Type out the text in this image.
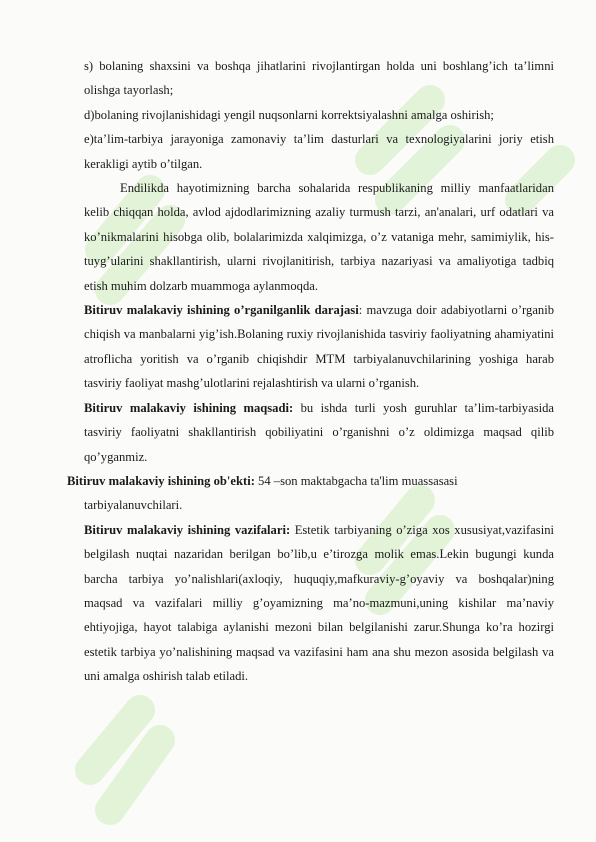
s) bolaning shaxsini va boshqa jihatlarini rivojlantirgan holda uni boshlang’ich ta’limni olishga tayorlash;

d)bolaning rivojlanishidagi yengil nuqsonlarni korrektsiyalashni amalga oshirish;

e)ta’lim-tarbiya jarayoniga zamonaviy ta’lim dasturlari va texnologiyalarini joriy etish kerakligi aytib o’tilgan.

Endilikda hayotimizning barcha sohalarida respublikaning milliy manfaatlaridan kelib chiqqan holda, avlod ajdodlarimizning azaliy turmush tarzi, an'analari, urf odatlari va ko’nikmalarini hisobga olib, bolalarimizda xalqimizga, o’z vataniga mehr, samimiylik, his-tuyg’ularini shakllantirish, ularni rivojlanitirish, tarbiya nazariyasi va amaliyotiga tadbiq etish muhim dolzarb muammoga aylanmoqda.

Bitiruv malakaviy ishining o’rganilganlik darajasi: mavzuga doir adabiyotlarni o’rganib chiqish va manbalarni yig’ish.Bolaning ruxiy rivojlanishida tasviriy faoliyatning ahamiyatini atroflicha yoritish va o’rganib chiqishdir MTM tarbiyalanuvchilarining yoshiga harab tasviriy faoliyat mashg’ulotlarini rejalashtirish va ularni o’rganish.

Bitiruv malakaviy ishining maqsadi: bu ishda turli yosh guruhlar ta’lim-tarbiyasida tasviriy faoliyatni shakllantirish qobiliyatini o’rganishni o’z oldimizga maqsad qilib qo’yganmiz.

Bitiruv malakaviy ishining ob'ekti: 54 –son maktabgacha ta'lim muassasasi

tarbiyalanuvchilari.

Bitiruv malakaviy ishining vazifalari: Estetik tarbiyaning o’ziga xos xususiyat,vazifasini belgilash nuqtai nazaridan berilgan bo’lib,u e’tirozga molik emas.Lekin bugungi kunda barcha tarbiya yo’nalishlari(axloqiy, huquqiy,mafkuraviy-g’oyaviy va boshqalar)ning maqsad va vazifalari milliy g’oyamizning ma’no-mazmuni,uning kishilar ma’naviy ehtiyojiga, hayot talabiga aylanishi mezoni bilan belgilanishi zarur.Shunga ko’ra hozirgi estetik tarbiya yo’nalishining maqsad va vazifasini ham ana shu mezon asosida belgilash va uni amalga oshirish talab etiladi.
